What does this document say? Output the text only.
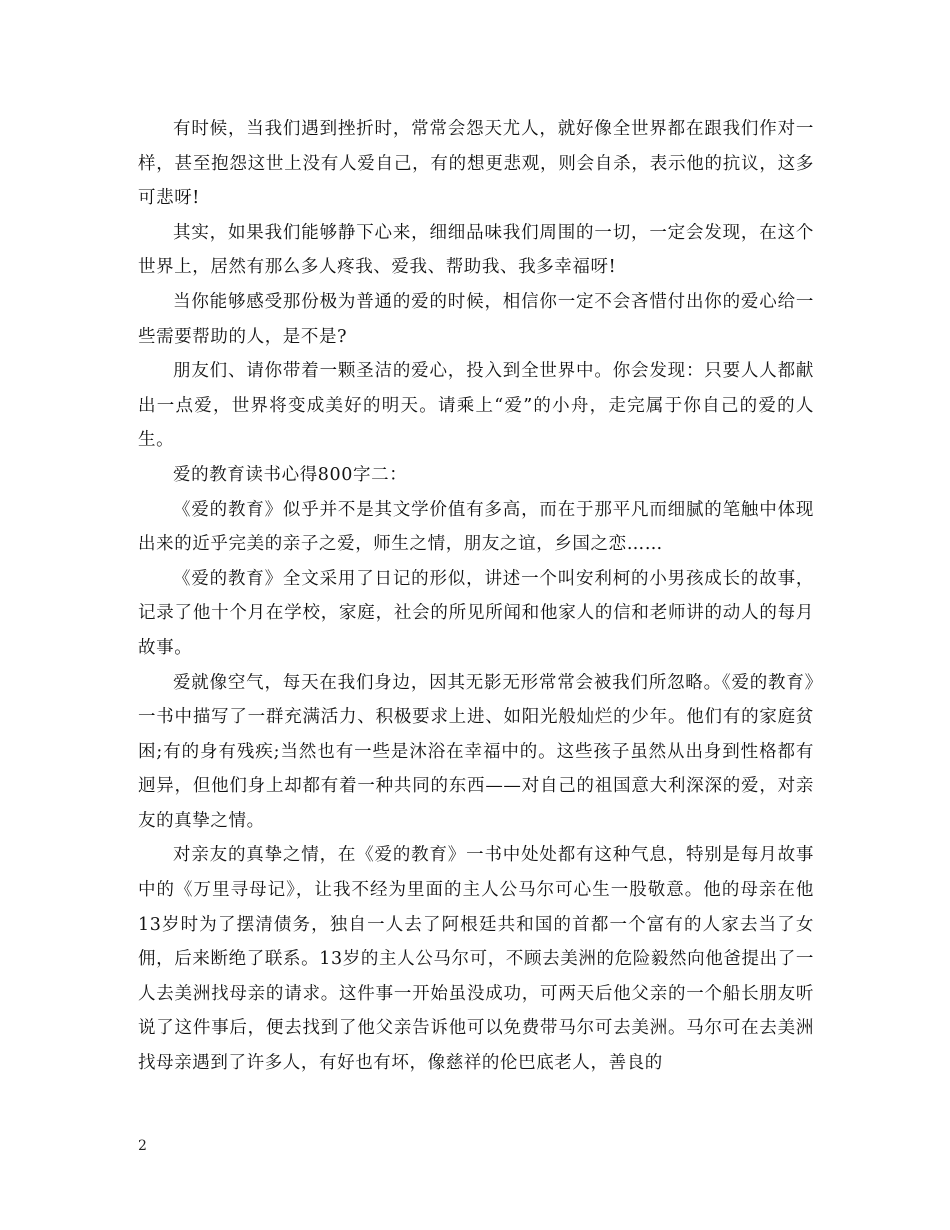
有时候，当我们遇到挫折时，常常会怨天尤人，就好像全世界都在跟我们作对一样，甚至抱怨这世上没有人爱自己，有的想更悲观，则会自杀，表示他的抗议，这多可悲呀!

其实，如果我们能够静下心来，细细品味我们周围的一切，一定会发现，在这个世界上，居然有那么多人疼我、爱我、帮助我、我多幸福呀!

当你能够感受那份极为普通的爱的时候，相信你一定不会吝惜付出你的爱心给一些需要帮助的人，是不是?

朋友们、请你带着一颗圣洁的爱心，投入到全世界中。你会发现：只要人人都献出一点爱，世界将变成美好的明天。请乘上“爱”的小舟，走完属于你自己的爱的人生。

爱的教育读书心得800字二：

《爱的教育》似乎并不是其文学价值有多高，而在于那平凡而细腻的笔触中体现出来的近乎完美的亲子之爱，师生之情，朋友之谊，乡国之恋……

《爱的教育》全文采用了日记的形似，讲述一个叫安利柯的小男孩成长的故事，记录了他十个月在学校，家庭，社会的所见所闻和他家人的信和老师讲的动人的每月故事。

爱就像空气，每天在我们身边，因其无影无形常常会被我们所忽略。《爱的教育》一书中描写了一群充满活力、积极要求上进、如阳光般灿烂的少年。他们有的家庭贫困;有的身有残疾;当然也有一些是沐浴在幸福中的。这些孩子虽然从出身到性格都有迥异，但他们身上却都有着一种共同的东西——对自己的祖国意大利深深的爱，对亲友的真挚之情。

对亲友的真挚之情，在《爱的教育》一书中处处都有这种气息，特别是每月故事中的《万里寻母记》，让我不经为里面的主人公马尔可心生一股敬意。他的母亲在他13岁时为了摆清债务，独自一人去了阿根廷共和国的首都一个富有的人家去当了女佣，后来断绝了联系。13岁的主人公马尔可，不顾去美洲的危险毅然向他爸提出了一人去美洲找母亲的请求。这件事一开始虽没成功，可两天后他父亲的一个船长朋友听说了这件事后，便去找到了他父亲告诉他可以免费带马尔可去美洲。马尔可在去美洲找母亲遇到了许多人，有好也有坏，像慈祥的伦巴底老人，善良的

2
